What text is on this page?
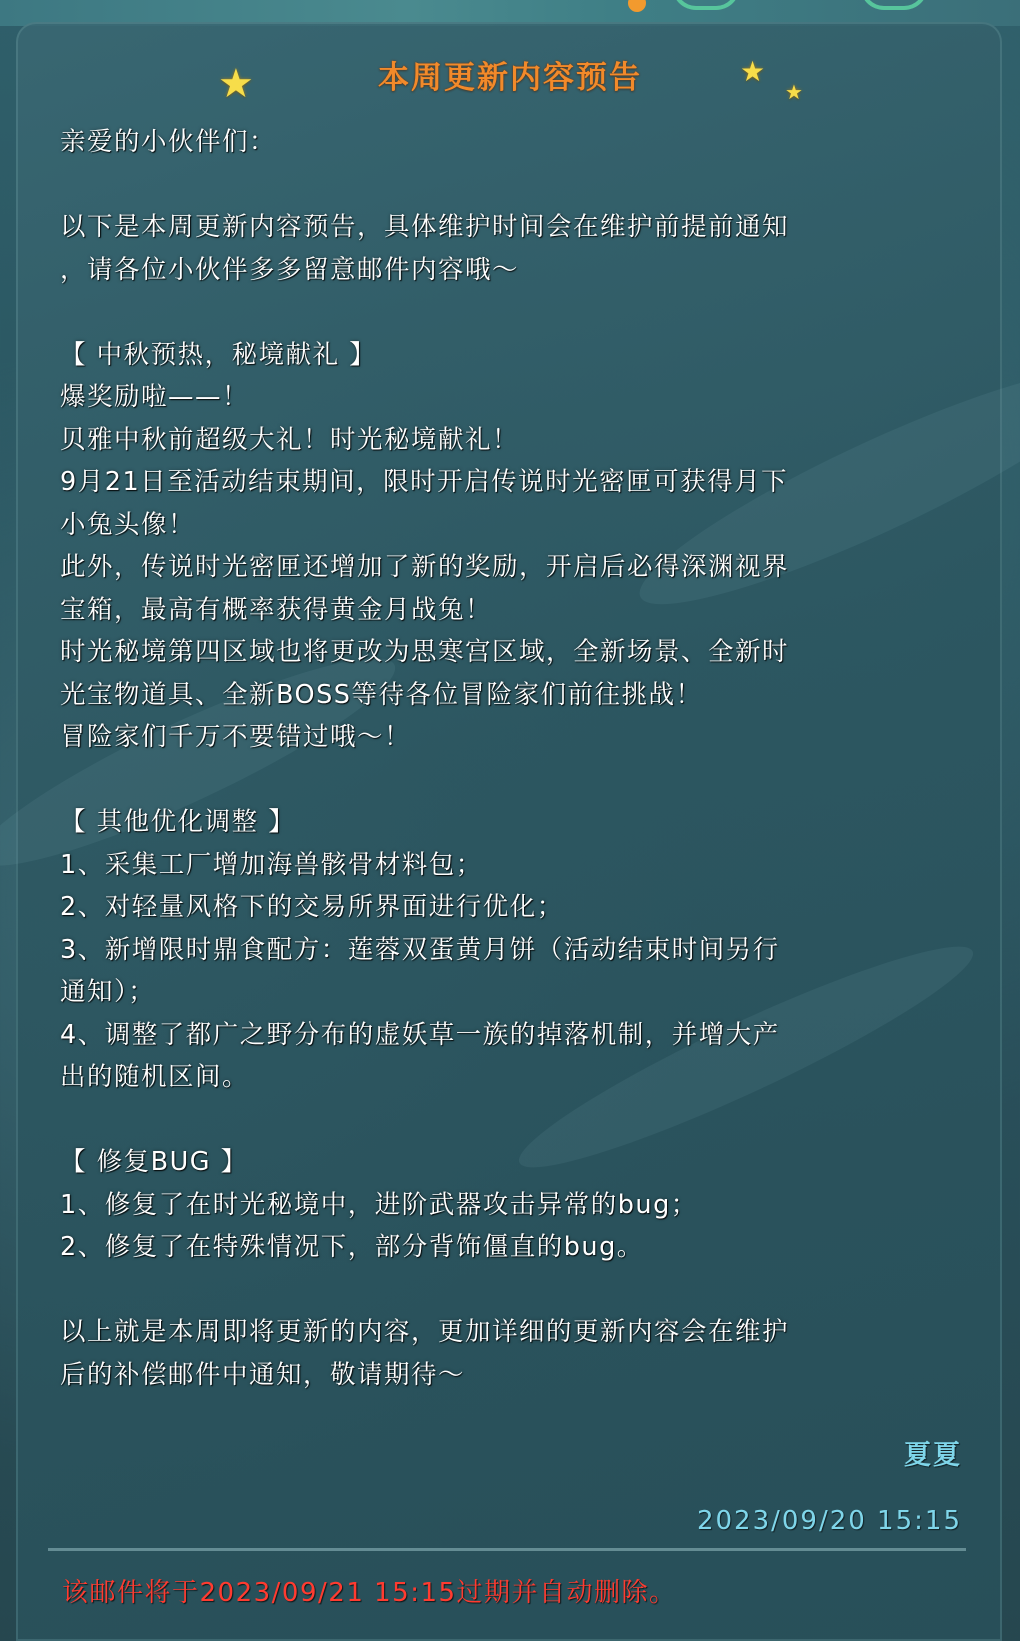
★	★
★
本周更新内容预告
亲爱的小伙伴们：
以下是本周更新内容预告，具体维护时间会在维护前提前通知
，请各位小伙伴多多留意邮件内容哦～
【 中秋预热，秘境献礼 】
爆奖励啦——！
贝雅中秋前超级大礼！时光秘境献礼！
9月21日至活动结束期间，限时开启传说时光密匣可获得月下
小兔头像！
此外，传说时光密匣还增加了新的奖励，开启后必得深渊视界
宝箱，最高有概率获得黄金月战兔！
时光秘境第四区域也将更改为思寒宫区域，全新场景、全新时
光宝物道具、全新BOSS等待各位冒险家们前往挑战！
冒险家们千万不要错过哦～！
【 其他优化调整 】
1、采集工厂增加海兽骸骨材料包；
2、对轻量风格下的交易所界面进行优化；
3、新增限时鼎食配方：莲蓉双蛋黄月饼（活动结束时间另行
通知）；
4、调整了都广之野分布的虚妖草一族的掉落机制，并增大产
出的随机区间。
【 修复BUG 】
1、修复了在时光秘境中，进阶武器攻击异常的bug；
2、修复了在特殊情况下，部分背饰僵直的bug。
以上就是本周即将更新的内容，更加详细的更新内容会在维护
后的补偿邮件中通知，敬请期待～
夏夏
2023/09/20 15:15
该邮件将于2023/09/21 15:15过期并自动删除。
